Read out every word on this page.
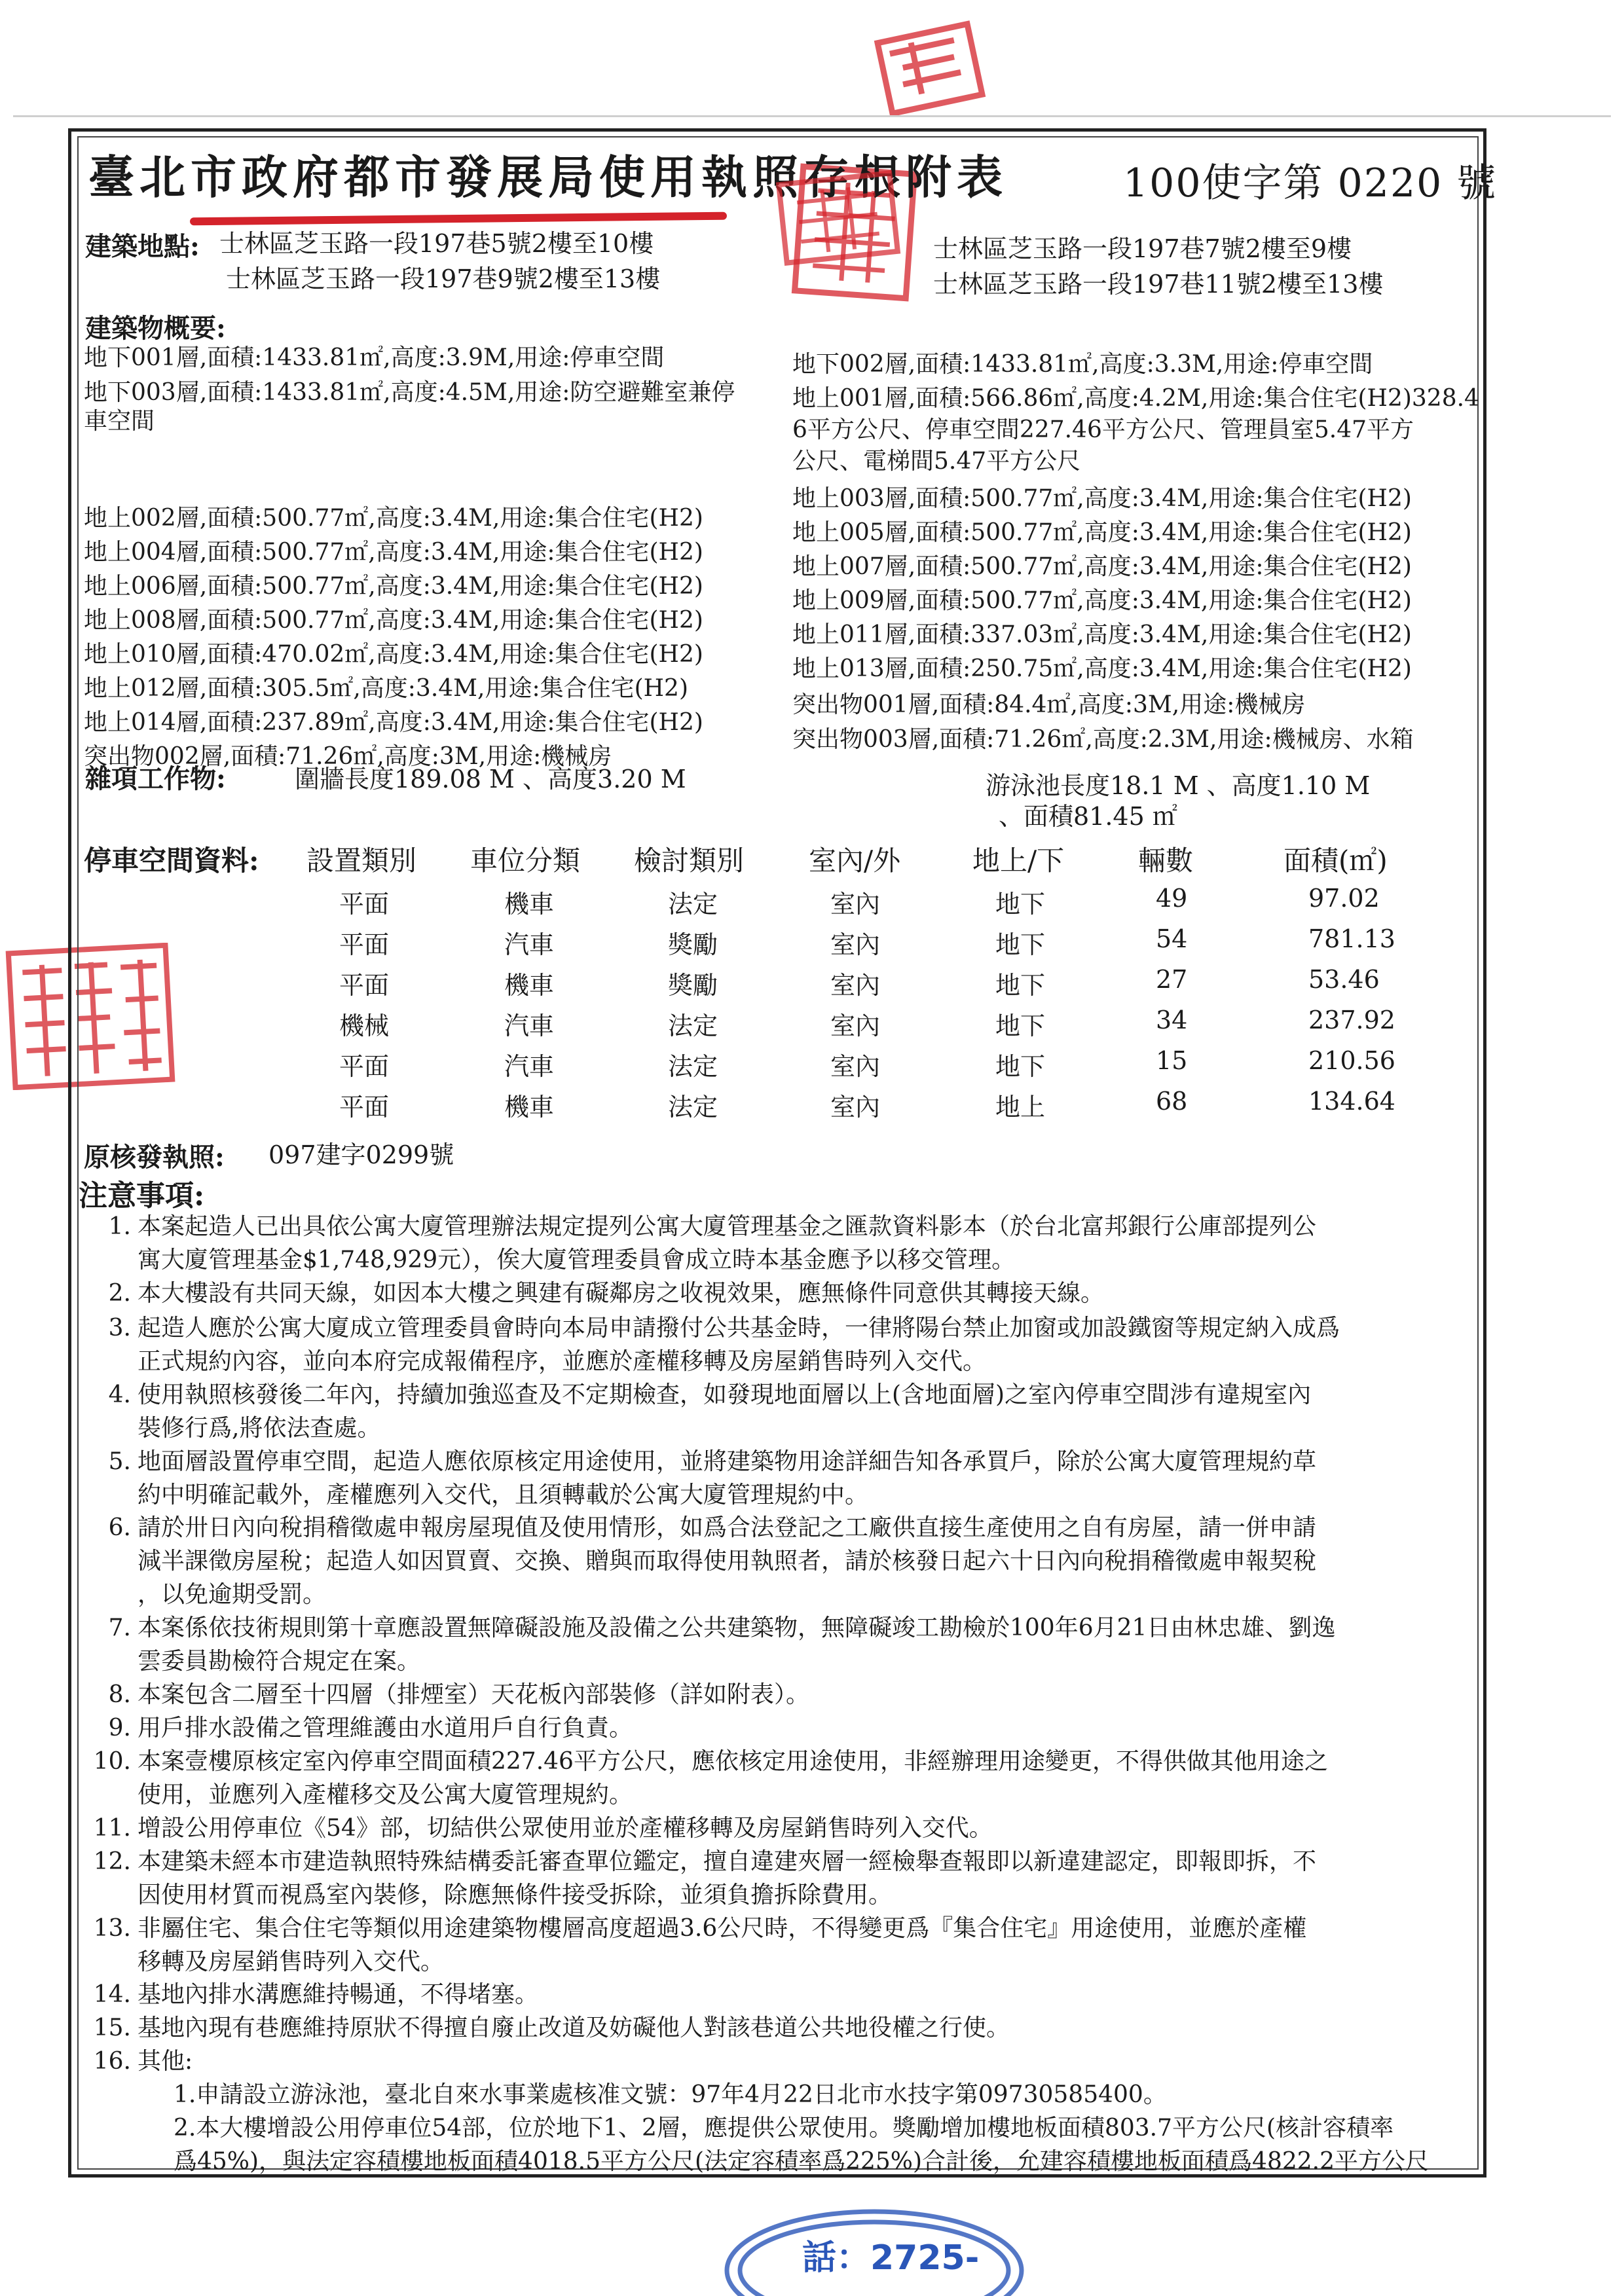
話：2725-
臺北市政府都市發展局使用執照存根附表	100使字第 0220 號
建築地點: 士林區芝玉路一段197巷5號2樓至10樓
士林區芝玉路一段197巷9號2樓至13樓
士林區芝玉路一段197巷7號2樓至9樓
士林區芝玉路一段197巷11號2樓至13樓
建築物概要:
地下001層,面積:1433.81㎡,高度:3.9M,用途:停車空間
地下003層,面積:1433.81㎡,高度:4.5M,用途:防空避難室兼停
車空間
地上002層,面積:500.77㎡,高度:3.4M,用途:集合住宅(H2)
地上004層,面積:500.77㎡,高度:3.4M,用途:集合住宅(H2)
地上006層,面積:500.77㎡,高度:3.4M,用途:集合住宅(H2)
地上008層,面積:500.77㎡,高度:3.4M,用途:集合住宅(H2)
地上010層,面積:470.02㎡,高度:3.4M,用途:集合住宅(H2)
地上012層,面積:305.5㎡,高度:3.4M,用途:集合住宅(H2)
地上014層,面積:237.89㎡,高度:3.4M,用途:集合住宅(H2)
突出物002層,面積:71.26㎡,高度:3M,用途:機械房
地下002層,面積:1433.81㎡,高度:3.3M,用途:停車空間
地上001層,面積:566.86㎡,高度:4.2M,用途:集合住宅(H2)328.4
6平方公尺、停車空間227.46平方公尺、管理員室5.47平方
公尺、電梯間5.47平方公尺
地上003層,面積:500.77㎡,高度:3.4M,用途:集合住宅(H2)
地上005層,面積:500.77㎡,高度:3.4M,用途:集合住宅(H2)
地上007層,面積:500.77㎡,高度:3.4M,用途:集合住宅(H2)
地上009層,面積:500.77㎡,高度:3.4M,用途:集合住宅(H2)
地上011層,面積:337.03㎡,高度:3.4M,用途:集合住宅(H2)
地上013層,面積:250.75㎡,高度:3.4M,用途:集合住宅(H2)
突出物001層,面積:84.4㎡,高度:3M,用途:機械房
突出物003層,面積:71.26㎡,高度:2.3M,用途:機械房、水箱
雜項工作物:	圍牆長度189.08 M 、高度3.20 M	游泳池長度18.1 M 、高度1.10 M
、面積81.45 ㎡
停車空間資料: 設置類別 車位分類 檢討類別 室內/外	地上/下	輛數	面積(㎡)
平面	機車	法定	室內	地下	49	97.02
平面	汽車	獎勵	室內	地下	54	781.13
平面	機車	獎勵	室內	地下	27	53.46
機械	汽車	法定	室內	地下	34	237.92
平面	汽車	法定	室內	地下	15	210.56
平面	機車	法定	室內	地上	68	134.64
原核發執照: 097建字0299號
注意事項:
1. 本案起造人已出具依公寓大廈管理辦法規定提列公寓大廈管理基金之匯款資料影本（於台北富邦銀行公庫部提列公
寓大廈管理基金$1,748,929元），俟大廈管理委員會成立時本基金應予以移交管理。
2. 本大樓設有共同天線，如因本大樓之興建有礙鄰房之收視效果，應無條件同意供其轉接天線。
3. 起造人應於公寓大廈成立管理委員會時向本局申請撥付公共基金時，一律將陽台禁止加窗或加設鐵窗等規定納入成爲
正式規約內容，並向本府完成報備程序，並應於產權移轉及房屋銷售時列入交代。
4. 使用執照核發後二年內，持續加強巡查及不定期檢查，如發現地面層以上(含地面層)之室內停車空間涉有違規室內
裝修行爲,將依法查處。
5. 地面層設置停車空間，起造人應依原核定用途使用，並將建築物用途詳細告知各承買戶，除於公寓大廈管理規約草
約中明確記載外，產權應列入交代，且須轉載於公寓大廈管理規約中。
6. 請於卅日內向稅捐稽徵處申報房屋現值及使用情形，如爲合法登記之工廠供直接生產使用之自有房屋，請一併申請
減半課徵房屋稅；起造人如因買賣、交換、贈與而取得使用執照者，請於核發日起六十日內向稅捐稽徵處申報契稅
，以免逾期受罰。
7. 本案係依技術規則第十章應設置無障礙設施及設備之公共建築物，無障礙竣工勘檢於100年6月21日由林忠雄、劉逸
雲委員勘檢符合規定在案。
8. 本案包含二層至十四層（排煙室）天花板內部裝修（詳如附表）。
9. 用戶排水設備之管理維護由水道用戶自行負責。
10. 本案壹樓原核定室內停車空間面積227.46平方公尺，應依核定用途使用，非經辦理用途變更，不得供做其他用途之
使用，並應列入產權移交及公寓大廈管理規約。
11. 增設公用停車位《54》部，切結供公眾使用並於產權移轉及房屋銷售時列入交代。
12. 本建築未經本市建造執照特殊結構委託審查單位鑑定，擅自違建夾層一經檢舉查報即以新違建認定，即報即拆，不
因使用材質而視爲室內裝修，除應無條件接受拆除，並須負擔拆除費用。
13. 非屬住宅、集合住宅等類似用途建築物樓層高度超過3.6公尺時，不得變更爲『集合住宅』用途使用，並應於產權
移轉及房屋銷售時列入交代。
14. 基地內排水溝應維持暢通，不得堵塞。
15. 基地內現有巷應維持原狀不得擅自廢止改道及妨礙他人對該巷道公共地役權之行使。
16. 其他:
1.申請設立游泳池，臺北自來水事業處核准文號：97年4月22日北市水技字第09730585400。
2.本大樓增設公用停車位54部，位於地下1、2層，應提供公眾使用。獎勵增加樓地板面積803.7平方公尺(核計容積率
爲45%)，與法定容積樓地板面積4018.5平方公尺(法定容積率爲225%)合計後，允建容積樓地板面積爲4822.2平方公尺
